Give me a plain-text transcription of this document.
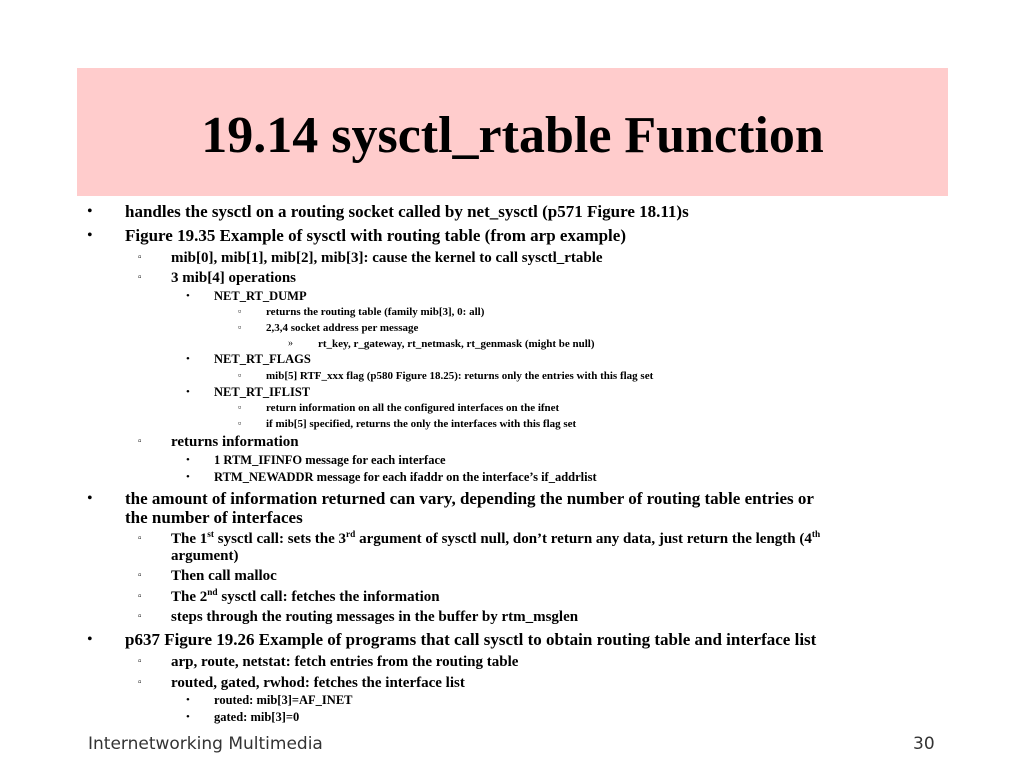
19.14 sysctl_rtable Function
• handles the sysctl on a routing socket called by net_sysctl (p571 Figure 18.11)s
• Figure 19.35 Example of sysctl with routing table (from arp example)
▫ mib[0], mib[1], mib[2], mib[3]: cause the kernel to call sysctl_rtable
▫ 3 mib[4] operations
• NET_RT_DUMP
▫ returns the routing table (family mib[3], 0: all)
▫ 2,3,4 socket address per message
» rt_key, r_gateway, rt_netmask, rt_genmask (might be null)
• NET_RT_FLAGS
▫ mib[5] RTF_xxx flag (p580 Figure 18.25): returns only the entries with this flag set
• NET_RT_IFLIST
▫ return information on all the configured interfaces on the ifnet
▫ if mib[5] specified, returns the only the interfaces with this flag set
▫ returns information
• 1 RTM_IFINFO message for each interface
• RTM_NEWADDR message for each ifaddr on the interface’s if_addrlist
• the amount of information returned can vary, depending the number of routing table entries or
the number of interfaces
▫ The 1st sysctl call: sets the 3rd argument of sysctl null, don’t return any data, just return the length (4th
argument)
▫ Then call malloc
▫ The 2nd sysctl call: fetches the information
▫ steps through the routing messages in the buffer by rtm_msglen
• p637 Figure 19.26 Example of programs that call sysctl to obtain routing table and interface list
▫ arp, route, netstat: fetch entries from the routing table
▫ routed, gated, rwhod: fetches the interface list
• routed: mib[3]=AF_INET
• gated: mib[3]=0
Internetworking Multimedia	30
